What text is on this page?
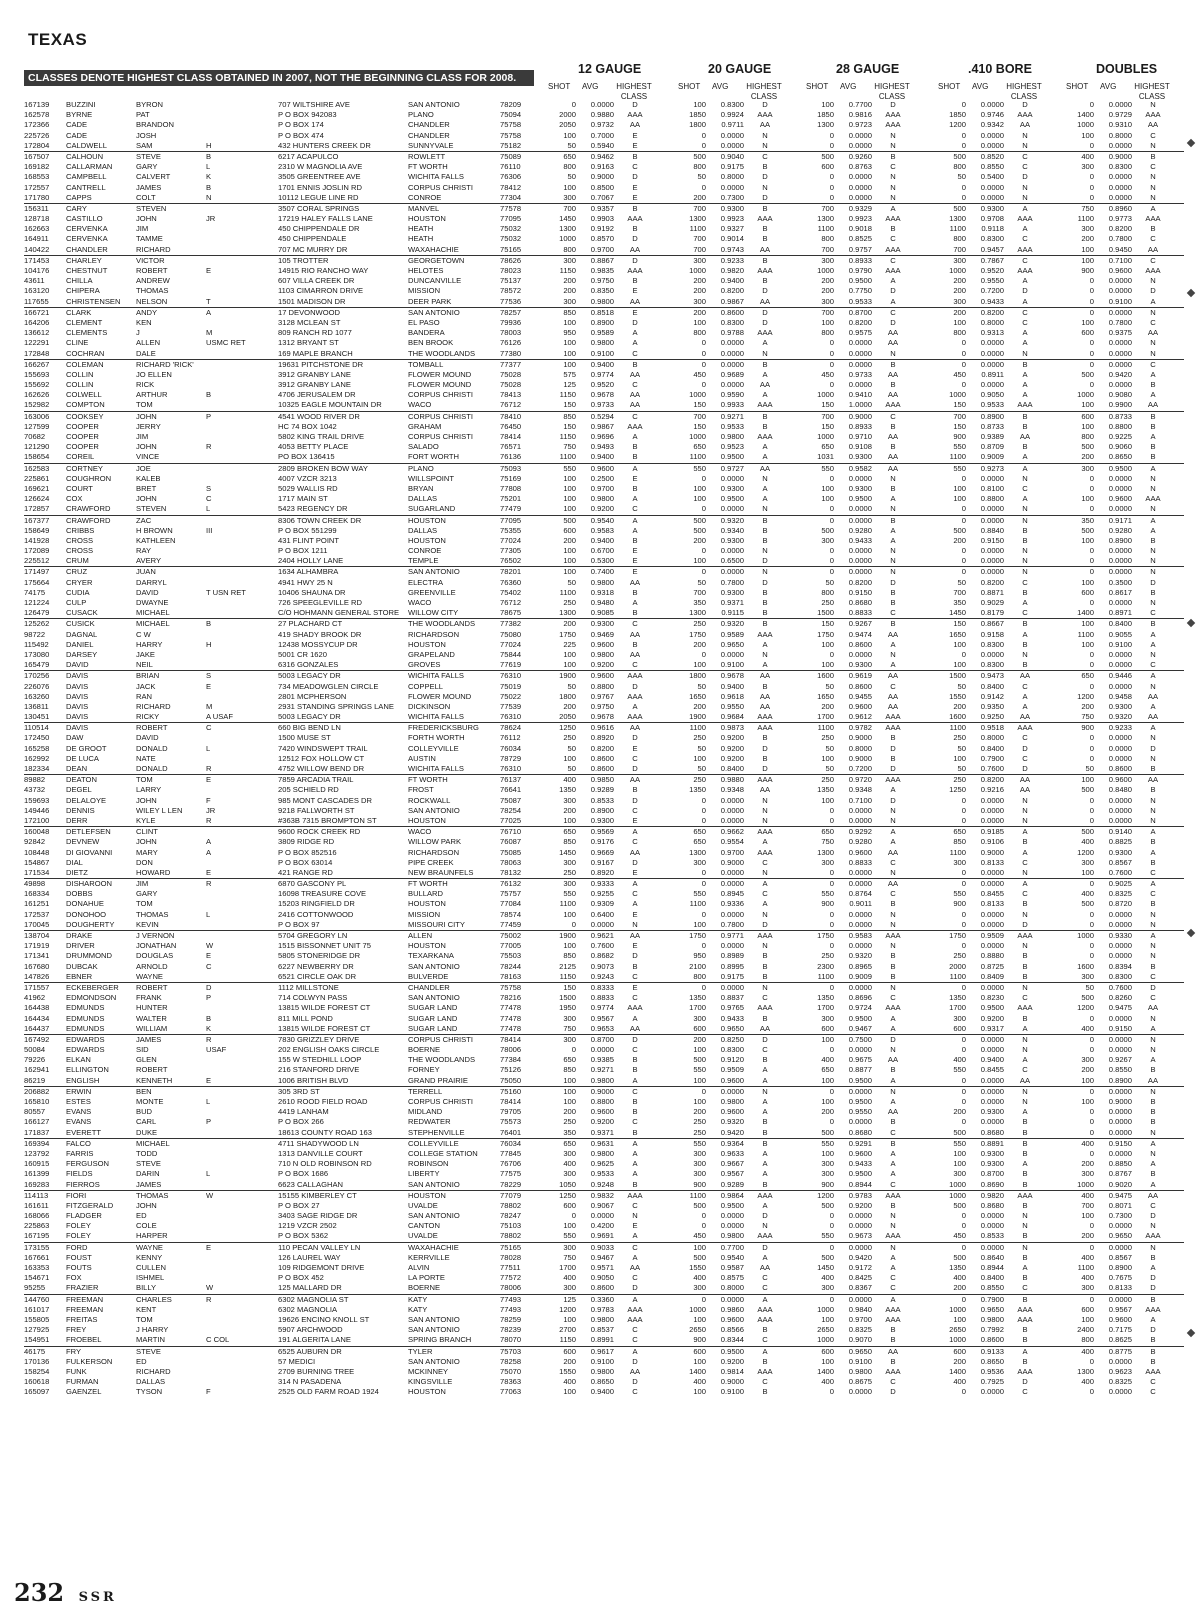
TEXAS
CLASSES DENOTE HIGHEST CLASS OBTAINED IN 2007, NOT THE BEGINNING CLASS FOR 2008.
12 GAUGE
SHOT AVG	HIGHEST CLASS
20 GAUGE
SHOT AVG	HIGHEST CLASS
28 GAUGE
SHOT AVG	HIGHEST CLASS
.410 BORE
SHOT AVG	HIGHEST CLASS
DOUBLES
SHOT AVG	HIGHEST CLASS
167139	BUZZINI	BYRON	707 WILTSHIRE AVE	SAN ANTONIO	78209	0	0.0000	D	100	0.8300	D	100	0.7700	D	0	0.0000	D	0	0.0000	N
162578	BYRNE	PAT	P O BOX 942083	PLANO	75094	2000	0.9880	AAA	1850	0.9924	AAA	1850	0.9816	AAA	1850	0.9746	AAA	1400	0.9729	AAA
172366	CADE	BRANDON	P O BOX 174	CHANDLER	75758	2050	0.9732	AA	1800	0.9711	AA	1300	0.9723	AAA	1200	0.9342	AA	1000	0.9310	AA
225726	CADE	JOSH	P O BOX 474	CHANDLER	75758	100	0.7000	E	0	0.0000	N	0	0.0000	N	0	0.0000	N	100	0.8000	C
172804	CALDWELL	SAM	H	432 HUNTERS CREEK DR	SUNNYVALE	75182	50	0.5940	E	0	0.0000	N	0	0.0000	N	0	0.0000	N	0	0.0000	N
167507	CALHOUN	STEVE	B	6217 ACAPULCO	ROWLETT	75089	650	0.9462	B	500	0.9040	C	500	0.9260	B	500	0.8520	C	400	0.9000	B
169182	CALLARMAN	GARY	L	2310 W MAGNOLIA AVE	FT WORTH	76110	800	0.9163	C	800	0.9175	B	600	0.8763	C	800	0.8550	C	300	0.8300	C
168553	CAMPBELL	CALVERT	K	3505 GREENTREE AVE	WICHITA FALLS	76306	50	0.9000	D	50	0.8000	D	0	0.0000	N	50	0.5400	D	0	0.0000	N
172557	CANTRELL	JAMES	B	1701 ENNIS JOSLIN RD	CORPUS CHRISTI	78412	100	0.8500	E	0	0.0000	N	0	0.0000	N	0	0.0000	N	0	0.0000	N
171780	CAPPS	COLT	N	10112 LEGUE LINE RD	CONROE	77304	300	0.7067	E	200	0.7300	D	0	0.0000	N	0	0.0000	N	0	0.0000	N
156311	CARY	STEVEN	3507 CORAL SPRINGS	MANVEL	77578	700	0.9357	B	700	0.9300	B	700	0.9329	A	500	0.9300	A	750	0.8960	A
128718	CASTILLO	JOHN	JR	17219 HALEY FALLS LANE	HOUSTON	77095	1450	0.9903	AAA	1300	0.9923	AAA	1300	0.9923	AAA	1300	0.9708	AAA	1100	0.9773	AAA
162663	CERVENKA	JIM	450 CHIPPENDALE DR	HEATH	75032	1300	0.9192	B	1100	0.9327	B	1100	0.9018	B	1100	0.9118	A	300	0.8200	B
164911	CERVENKA	TAMME	450 CHIPPENDALE	HEATH	75032	1000	0.8570	D	700	0.9014	B	800	0.8525	C	800	0.8300	C	200	0.7800	C
140422	CHANDLER	RICHARD	707 MC MURRY DR	WAXAHACHIE	75165	800	0.9700	AA	700	0.9743	AA	700	0.9757	AAA	700	0.9457	AAA	100	0.9450	AA
171453	CHARLEY	VICTOR	105 TROTTER	GEORGETOWN	78626	300	0.8867	D	300	0.9233	B	300	0.8933	C	300	0.7867	C	100	0.7100	C
104176	CHESTNUT	ROBERT	E	14915 RIO RANCHO WAY	HELOTES	78023	1150	0.9835	AAA	1000	0.9820	AAA	1000	0.9790	AAA	1000	0.9520	AAA	900	0.9600	AAA
43611	CHILLA	ANDREW	607 VILLA CREEK DR	DUNCANVILLE	75137	200	0.9750	B	200	0.9400	B	200	0.9500	A	200	0.9550	A	0	0.0000	N
163120	CHIPERA	THOMAS	1103 CIMARRON DRIVE	MISSION	78572	200	0.8350	E	200	0.8200	D	200	0.7750	D	200	0.7200	D	0	0.0000	D
117655	CHRISTENSEN	NELSON	T	1501 MADISON DR	DEER PARK	77536	300	0.9800	AA	300	0.9867	AA	300	0.9533	A	300	0.9433	A	0	0.9100	A
166721	CLARK	ANDY	A	17 DEVONWOOD	SAN ANTONIO	78257	850	0.8518	E	200	0.8600	D	700	0.8700	C	200	0.8200	C	0	0.0000	N
164206	CLEMENT	KEN	3128 MCLEAN ST	EL PASO	79936	100	0.8900	D	100	0.8300	D	100	0.8200	D	100	0.8000	C	100	0.7800	C
136612	CLEMENTS	J	M	809 RANCH RD 1077	BANDERA	78003	950	0.9589	A	800	0.9788	AAA	800	0.9575	AA	800	0.9313	A	600	0.9375	AA
122291	CLINE	ALLEN	USMC RET	1312 BRYANT ST	BEN BROOK	76126	100	0.9800	A	0	0.0000	A	0	0.0000	AA	0	0.0000	A	0	0.0000	N
172848	COCHRAN	DALE	169 MAPLE BRANCH	THE WOODLANDS	77380	100	0.9100	C	0	0.0000	N	0	0.0000	N	0	0.0000	N	0	0.0000	N
166267	COLEMAN	RICHARD 'RICK'	19631 PITCHSTONE DR	TOMBALL	77377	100	0.9400	B	0	0.0000	B	0	0.0000	B	0	0.0000	B	0	0.0000	C
155693	COLLIN	JO ELLEN	3912 GRANBY LANE	FLOWER MOUND	75028	575	0.9774	AA	450	0.9689	A	450	0.9733	AA	450	0.8911	A	500	0.9420	A
155692	COLLIN	RICK	3912 GRANBY LANE	FLOWER MOUND	75028	125	0.9520	C	0	0.0000	AA	0	0.0000	B	0	0.0000	A	0	0.0000	B
162626	COLWELL	ARTHUR	B	4706 JERUSALEM DR	CORPUS CHRISTI	78413	1150	0.9678	AA	1000	0.9590	A	1000	0.9410	AA	1000	0.9050	A	1000	0.9080	A
152982	COMPTON	TOM	10325 EAGLE MOUNTAIN DR	WACO	76712	150	0.9733	AA	150	0.9933	AAA	150	1.0000	AAA	150	0.9533	AAA	100	0.9900	AA
163006	COOKSEY	JOHN	P	4541 WOOD RIVER DR	CORPUS CHRISTI	78410	850	0.5294	C	700	0.9271	B	700	0.9000	C	700	0.8900	B	600	0.8733	B
127599	COOPER	JERRY	HC 74 BOX 1042	GRAHAM	76450	150	0.9867	AAA	150	0.9533	B	150	0.8933	B	150	0.8733	B	100	0.8800	B
70682	COOPER	JIM	5802 KING TRAIL DRIVE	CORPUS CHRISTI	78414	1150	0.9696	A	1000	0.9800	AAA	1000	0.9710	AA	900	0.9389	AA	800	0.9225	A
121290	COOPER	JOHN	R	4053 BETTY PLACE	SALADO	76571	750	0.9493	B	650	0.9523	A	650	0.9108	B	550	0.8709	B	500	0.9060	B
158654	COREIL	VINCE	PO BOX 136415	FORT WORTH	76136	1100	0.9400	B	1100	0.9500	A	1031	0.9300	AA	1100	0.9009	A	200	0.8650	B
162583	CORTNEY	JOE	2809 BROKEN BOW WAY	PLANO	75093	550	0.9600	A	550	0.9727	AA	550	0.9582	AA	550	0.9273	A	300	0.9500	A
225861	COUGHRON	KALEB	4007 VZCR 3213	WILLSPOINT	75169	100	0.2500	E	0	0.0000	N	0	0.0000	N	0	0.0000	N	0	0.0000	N
169621	COURT	BRET	S	5029 WALLIS RD	BRYAN	77808	100	0.9700	B	100	0.9300	A	100	0.9300	B	100	0.8100	C	0	0.0000	N
126624	COX	JOHN	C	1717 MAIN ST	DALLAS	75201	100	0.9800	A	100	0.9500	A	100	0.9500	A	100	0.8800	A	100	0.9600	AAA
172857	CRAWFORD	STEVEN	L	5423 REGENCY DR	SUGARLAND	77479	100	0.9200	C	0	0.0000	N	0	0.0000	N	0	0.0000	N	0	0.0000	N
167377	CRAWFORD	ZAC	8306 TOWN CREEK DR	HOUSTON	77095	500	0.9540	A	500	0.9320	B	0	0.0000	B	0	0.0000	N	350	0.9171	A
158649	CRIBBS	H BROWN	III	P O BOX 551299	DALLAS	75355	600	0.9583	A	500	0.9340	B	500	0.9280	A	500	0.8840	B	500	0.9280	A
141928	CROSS	KATHLEEN	431 FLINT POINT	HOUSTON	77024	200	0.9400	B	200	0.9300	B	300	0.9433	A	200	0.9150	B	100	0.8900	B
172089	CROSS	RAY	P O BOX 1211	CONROE	77305	100	0.6700	E	0	0.0000	N	0	0.0000	N	0	0.0000	N	0	0.0000	N
225512	CRUM	AVERY	2404 HOLLY LANE	TEMPLE	76502	100	0.5300	E	100	0.6500	D	0	0.0000	N	0	0.0000	N	0	0.0000	N
171497	CRUZ	JUAN	1634 ALHAMBRA	SAN ANTONIO	78201	100	0.7400	E	0	0.0000	N	0	0.0000	N	0	0.0000	N	0	0.0000	N
175664	CRYER	DARRYL	4941 HWY 25 N	ELECTRA	76360	50	0.9800	AA	50	0.7800	D	50	0.8200	D	50	0.8200	C	100	0.3500	D
74175	CUDIA	DAVID	T USN RET	10406 SHAUNA DR	GREENVILLE	75402	1100	0.9318	B	700	0.9300	B	800	0.9150	B	700	0.8871	B	600	0.8617	B
121224	CULP	DWAYNE	726 SPEEGLEVILLE RD	WACO	76712	250	0.9480	A	350	0.9371	B	250	0.8680	B	350	0.9029	A	0	0.0000	N
126479	CUSACK	MICHAEL	C/O HOHMANN GENERAL STORE	WILLOW CITY	78675	1300	0.9085	B	1300	0.9115	B	1500	0.8833	C	1450	0.8179	C	1400	0.8971	C
125262	CUSICK	MICHAEL	B	27 PLACHARD CT	THE WOODLANDS	77382	200	0.9300	C	250	0.9320	B	150	0.9267	B	150	0.8667	B	100	0.8400	B
98722	DAGNAL	C W	419 SHADY BROOK DR	RICHARDSON	75080	1750	0.9469	AA	1750	0.9589	AAA	1750	0.9474	AA	1650	0.9158	A	1100	0.9055	A
115492	DANIEL	HARRY	H	12438 MOSSYCUP DR	HOUSTON	77024	225	0.9600	B	200	0.9650	A	100	0.8600	A	100	0.8300	B	100	0.9100	A
173080	DARSEY	JAKE	5001 CR 1620	GRAPELAND	75844	100	0.9800	AA	0	0.0000	N	0	0.0000	N	0	0.0000	N	0	0.0000	N
165479	DAVID	NEIL	6316 GONZALES	GROVES	77619	100	0.9200	C	100	0.9100	A	100	0.9300	A	100	0.8300	B	0	0.0000	C
170256	DAVIS	BRIAN	S	5003 LEGACY DR	WICHITA FALLS	76310	1900	0.9600	AAA	1800	0.9678	AA	1600	0.9619	AA	1500	0.9473	AA	650	0.9446	A
226076	DAVIS	JACK	E	734 MEADOWGLEN CIRCLE	COPPELL	75019	50	0.8800	D	50	0.9400	B	50	0.8600	C	50	0.8400	C	0	0.0000	N
163260	DAVIS	RAN	2801 MCPHERSON	FLOWER MOUND	75022	1800	0.9767	AAA	1650	0.9618	AA	1650	0.9455	AA	1550	0.9142	A	1200	0.9458	AA
136811	DAVIS	RICHARD	M	2931 STANDING SPRINGS LANE	DICKINSON	77539	200	0.9750	A	200	0.9550	AA	200	0.9600	AA	200	0.9350	A	200	0.9300	A
130451	DAVIS	RICKY	A USAF	5003 LEGACY DR	WICHITA FALLS	76310	2050	0.9678	AAA	1900	0.9684	AAA	1700	0.9612	AAA	1600	0.9250	AA	750	0.9320	AA
110514	DAVIS	ROBERT	C	660 BIG BEND LN	FREDERICKSBURG	78624	1250	0.9616	AA	1100	0.9873	AAA	1100	0.9782	AAA	1100	0.9518	AAA	900	0.9233	A
172450	DAW	DAVID	1500 MUSE ST	FORTH WORTH	76112	250	0.8920	D	250	0.9200	B	250	0.9000	B	250	0.8000	C	0	0.0000	N
165258	DE GROOT	DONALD	L	7420 WINDSWEPT TRAIL	COLLEYVILLE	76034	50	0.8200	E	50	0.9200	D	50	0.8000	D	50	0.8400	D	0	0.0000	D
162992	DE LUCA	NATE	12512 FOX HOLLOW CT	AUSTIN	78729	100	0.8600	C	100	0.9200	B	100	0.9000	B	100	0.7900	C	0	0.0000	N
182334	DEAN	DONALD	R	4752 WILLOW BEND DR	WICHITA FALLS	76310	50	0.8600	D	50	0.8400	D	50	0.7200	D	50	0.7600	D	50	0.8600	B
89882	DEATON	TOM	E	7859 ARCADIA TRAIL	FT WORTH	76137	400	0.9850	AA	250	0.9880	AAA	250	0.9720	AAA	250	0.8200	AA	100	0.9600	AA
43732	DEGEL	LARRY	205 SCHIELD RD	FROST	76641	1350	0.9289	B	1350	0.9348	AA	1350	0.9348	A	1250	0.9216	AA	500	0.8480	B
159693	DELALOYE	JOHN	F	985 MONT CASCADES DR	ROCKWALL	75087	300	0.8533	D	0	0.0000	N	100	0.7100	D	0	0.0000	N	0	0.0000	N
149446	DENNIS	WILEY L LEN	JR	9218 FALLWORTH ST	SAN ANTONIO	78254	200	0.8900	C	0	0.0000	N	0	0.0000	N	0	0.0000	N	0	0.0000	N
172100	DERR	KYLE	R	#363B 7315 BROMPTON ST	HOUSTON	77025	100	0.9300	E	0	0.0000	N	0	0.0000	N	0	0.0000	N	0	0.0000	N
160048	DETLEFSEN	CLINT	9600 ROCK CREEK RD	WACO	76710	650	0.9569	A	650	0.9662	AAA	650	0.9292	A	650	0.9185	A	500	0.9140	A
92842	DEVNEW	JOHN	A	3809 RIDGE RD	WILLOW PARK	76087	850	0.9176	C	650	0.9554	A	750	0.9280	A	850	0.9106	B	400	0.8825	B
108448	DI GIOVANNI	MARY	A	P O BOX 852516	RICHARDSON	75085	1450	0.9669	AA	1300	0.9700	AAA	1300	0.9600	AA	1100	0.9000	A	1200	0.9300	A
154867	DIAL	DON	P O BOX 63014	PIPE CREEK	78063	300	0.9167	D	300	0.9000	C	300	0.8833	C	300	0.8133	C	300	0.8567	B
171534	DIETZ	HOWARD	E	421 RANGE RD	NEW BRAUNFELS	78132	250	0.8920	E	0	0.0000	N	0	0.0000	N	0	0.0000	N	100	0.7600	C
49898	DISHAROON	JIM	R	6870 GASCONY PL	FT WORTH	76132	300	0.9333	A	0	0.0000	A	0	0.0000	AA	0	0.0000	A	0	0.9025	A
168334	DOBBS	GARY	16098 TREASURE COVE	BULLARD	75757	550	0.9255	C	550	0.8945	C	550	0.8764	C	550	0.8455	C	400	0.8325	C
161251	DONAHUE	TOM	15203 RINGFIELD DR	HOUSTON	77084	1100	0.9309	A	1100	0.9336	A	900	0.9011	B	900	0.8133	B	500	0.8720	B
172537	DONOHOO	THOMAS	L	2416 COTTONWOOD	MISSION	78574	100	0.6400	E	0	0.0000	N	0	0.0000	N	0	0.0000	N	0	0.0000	N
170045	DOUGHERTY	KEVIN	P O BOX 97	MISSOURI CITY	77459	0	0.0000	N	100	0.7800	D	0	0.0000	N	0	0.0000	D	0	0.0000	N
138704	DRAKE	J VERNON	5704 GREGORY LN	ALLEN	75002	1900	0.9621	AA	1750	0.9771	AAA	1750	0.9583	AAA	1750	0.9509	AAA	1000	0.9330	A
171919	DRIVER	JONATHAN	W	1515 BISSONNET UNIT 75	HOUSTON	77005	100	0.7600	E	0	0.0000	N	0	0.0000	N	0	0.0000	N	0	0.0000	N
171341	DRUMMOND	DOUGLAS	E	5805 STONERIDGE DR	TEXARKANA	75503	850	0.8682	D	950	0.8989	B	250	0.9320	B	250	0.8880	B	0	0.0000	N
167680	DUBCAK	ARNOLD	C	6227 NEWBERRY DR	SAN ANTONIO	78244	2125	0.9073	B	2100	0.8995	B	2300	0.8965	B	2000	0.8725	B	1600	0.8394	B
147826	EBNER	WAYNE	6521 CIRCLE OAK DR	BULVERDE	78163	1150	0.9243	C	800	0.9175	B	1100	0.9009	B	1100	0.8409	B	300	0.8300	C
171557	ECKEBERGER	ROBERT	D	1112 MILLSTONE	CHANDLER	75758	150	0.8333	E	0	0.0000	N	0	0.0000	N	0	0.0000	N	50	0.7600	D
41962	EDMONDSON	FRANK	P	714 COLWYN PASS	SAN ANTONIO	78216	1500	0.8833	C	1350	0.8837	C	1350	0.8696	C	1350	0.8230	C	500	0.8260	C
164438	EDMUNDS	HUNTER	13815 WILDE FOREST CT	SUGAR LAND	77478	1950	0.9774	AAA	1700	0.9765	AAA	1700	0.9724	AAA	1700	0.9500	AAA	1200	0.9475	AA
164434	EDMUNDS	WALTER	B	811 MILL POND	SUGAR LAND	77478	300	0.9567	A	300	0.9433	B	300	0.9500	A	300	0.9200	B	0	0.0000	N
164437	EDMUNDS	WILLIAM	K	13815 WILDE FOREST CT	SUGAR LAND	77478	750	0.9653	AA	600	0.9650	AA	600	0.9467	A	600	0.9317	A	400	0.9150	A
167492	EDWARDS	JAMES	R	7830 GRIZZLEY DRIVE	CORPUS CHRISTI	78414	300	0.8700	D	200	0.8250	D	100	0.7500	D	0	0.0000	N	0	0.0000	N
50084	EDWARDS	SID	USAF	202 ENGLISH OAKS CIRCLE	BOERNE	78006	0	0.0000	C	100	0.8300	C	0	0.0000	N	0	0.0000	N	0	0.0000	N
79226	ELKAN	GLEN	155 W STEDHILL LOOP	THE WOODLANDS	77384	650	0.9385	B	500	0.9120	B	400	0.9675	AA	400	0.9400	A	300	0.9267	A
162941	ELLINGTON	ROBERT	216 STANFORD DRIVE	FORNEY	75126	850	0.9271	B	550	0.9509	A	650	0.8877	B	550	0.8455	C	200	0.8550	B
86219	ENGLISH	KENNETH	E	1006 BRITISH BLVD	GRAND PRAIRIE	75050	100	0.9800	A	100	0.9600	A	100	0.9500	A	0	0.0000	AA	100	0.8900	AA
206882	ERWIN	BEN	305 3RD ST	TERRELL	75160	100	0.9000	C	0	0.0000	N	0	0.0000	N	0	0.0000	N	0	0.0000	N
165810	ESTES	MONTE	L	2610 ROOD FIELD ROAD	CORPUS CHRISTI	78414	100	0.8800	B	100	0.9800	A	100	0.9500	A	0	0.0000	N	100	0.9000	B
80557	EVANS	BUD	4419 LANHAM	MIDLAND	79705	200	0.9600	B	200	0.9600	A	200	0.9550	AA	200	0.9300	A	0	0.0000	B
166127	EVANS	CARL	P	P O BOX 266	REDWATER	75573	250	0.9200	C	250	0.9320	B	0	0.0000	B	0	0.0000	B	0	0.0000	B
171837	EVERETT	DUKE	18613 COUNTY ROAD 163	STEPHENVILLE	76401	350	0.9371	B	250	0.9420	B	500	0.8680	C	500	0.8680	B	0	0.0000	N
169394	FALCO	MICHAEL	4711 SHADYWOOD LN	COLLEYVILLE	76034	650	0.9631	A	550	0.9364	B	550	0.9291	B	550	0.8891	B	400	0.9150	A
123792	FARRIS	TODD	1313 DANVILLE COURT	COLLEGE STATION	77845	300	0.9800	A	300	0.9633	A	100	0.9600	A	100	0.9300	B	0	0.0000	N
160915	FERGUSON	STEVE	710 N OLD ROBINSON RD	ROBINSON	76706	400	0.9625	A	300	0.9667	A	300	0.9433	A	100	0.9300	A	200	0.8850	A
161399	FIELDS	DARIN	L	P O BOX 1686	LIBERTY	77575	300	0.9533	A	300	0.9567	A	300	0.9500	A	300	0.8700	B	300	0.8767	B
169283	FIERROS	JAMES	6623 CALLAGHAN	SAN ANTONIO	78229	1050	0.9248	B	900	0.9289	B	900	0.8944	C	1000	0.8690	B	1000	0.9020	A
114113	FIORI	THOMAS	W	15155 KIMBERLEY CT	HOUSTON	77079	1250	0.9832	AAA	1100	0.9864	AAA	1200	0.9783	AAA	1000	0.9820	AAA	400	0.9475	AA
161611	FITZGERALD	JOHN	P O BOX 27	UVALDE	78802	600	0.9067	C	500	0.9500	A	500	0.9200	B	500	0.8680	B	700	0.8071	C
168066	FLADGER	ED	3403 SAGE RIDGE DR	SAN ANTONIO	78247	0	0.0000	N	0	0.0000	D	0	0.0000	N	0	0.0000	N	100	0.7300	D
225863	FOLEY	COLE	1219 VZCR 2502	CANTON	75103	100	0.4200	E	0	0.0000	N	0	0.0000	N	0	0.0000	N	0	0.0000	N
167195	FOLEY	HARPER	P O BOX 5362	UVALDE	78802	550	0.9691	A	450	0.9800	AAA	550	0.9673	AAA	450	0.8533	B	200	0.9650	AAA
173155	FORD	WAYNE	E	110 PECAN VALLEY LN	WAXAHACHIE	75165	300	0.9033	C	100	0.7700	D	0	0.0000	N	0	0.0000	N	0	0.0000	N
167661	FOUST	KENNY	126 LAUREL WAY	KERRVILLE	78028	750	0.9467	A	500	0.9540	A	500	0.9420	A	500	0.8640	B	400	0.8567	B
163353	FOUTS	CULLEN	109 RIDGEMONT DRIVE	ALVIN	77511	1700	0.9571	AA	1550	0.9587	AA	1450	0.9172	A	1350	0.8944	A	1100	0.8900	A
154671	FOX	ISHMEL	P O BOX 452	LA PORTE	77572	400	0.9050	C	400	0.8575	C	400	0.8425	C	400	0.8400	B	400	0.7675	D
95255	FRAZIER	BILLY	W	125 MALLARD DR	BOERNE	78006	300	0.8600	D	300	0.8000	C	300	0.8367	C	200	0.8550	C	300	0.8133	D
144760	FREEMAN	CHARLES	R	6302 MAGNOLIA ST	KATY	77493	125	0.3360	A	0	0.0000	A	0	0.0000	A	0	0.7900	B	0	0.0000	B
161017	FREEMAN	KENT	6302 MAGNOLIA	KATY	77493	1200	0.9783	AAA	1000	0.9860	AAA	1000	0.9840	AAA	1000	0.9650	AAA	600	0.9567	AAA
155805	FREITAS	TOM	19626 ENCINO KNOLL ST	SAN ANTONIO	78259	100	0.9800	AAA	100	0.9600	AAA	100	0.9700	AAA	100	0.9800	AAA	100	0.9600	A
127925	FREY	J HARRY	5907 ARCHWOOD	SAN ANTONIO	78239	2700	0.8537	C	2650	0.8566	B	2650	0.8325	B	2650	0.7992	B	2400	0.7175	D
154951	FROEBEL	MARTIN	C COL	191 ALGERITA LANE	SPRING BRANCH	78070	1150	0.8991	C	900	0.8344	C	1000	0.9070	B	1000	0.8600	B	800	0.8625	B
46175	FRY	STEVE	6525 AUBURN DR	TYLER	75703	600	0.9617	A	600	0.9500	A	600	0.9650	AA	600	0.9133	A	400	0.8775	B
170136	FULKERSON	ED	57 MEDICI	SAN ANTONIO	78258	200	0.9100	D	100	0.9200	B	100	0.9100	B	200	0.8650	B	0	0.0000	B
158254	FUNK	RICHARD	2709 BURNING TREE	MCKINNEY	75070	1550	0.9800	AA	1400	0.9814	AAA	1400	0.9800	AAA	1400	0.9536	AAA	1300	0.9623	AAA
160618	FURMAN	DALLAS	314 N PASADENA	KINGSVILLE	78363	400	0.8650	D	400	0.9000	C	400	0.8675	C	400	0.7925	D	400	0.8325	C
165097	GAENZEL	TYSON	F	2525 OLD FARM ROAD 1924	HOUSTON	77063	100	0.9400	C	100	0.9100	B	0	0.0000	D	0	0.0000	C	0	0.0000	C
232 SSR
